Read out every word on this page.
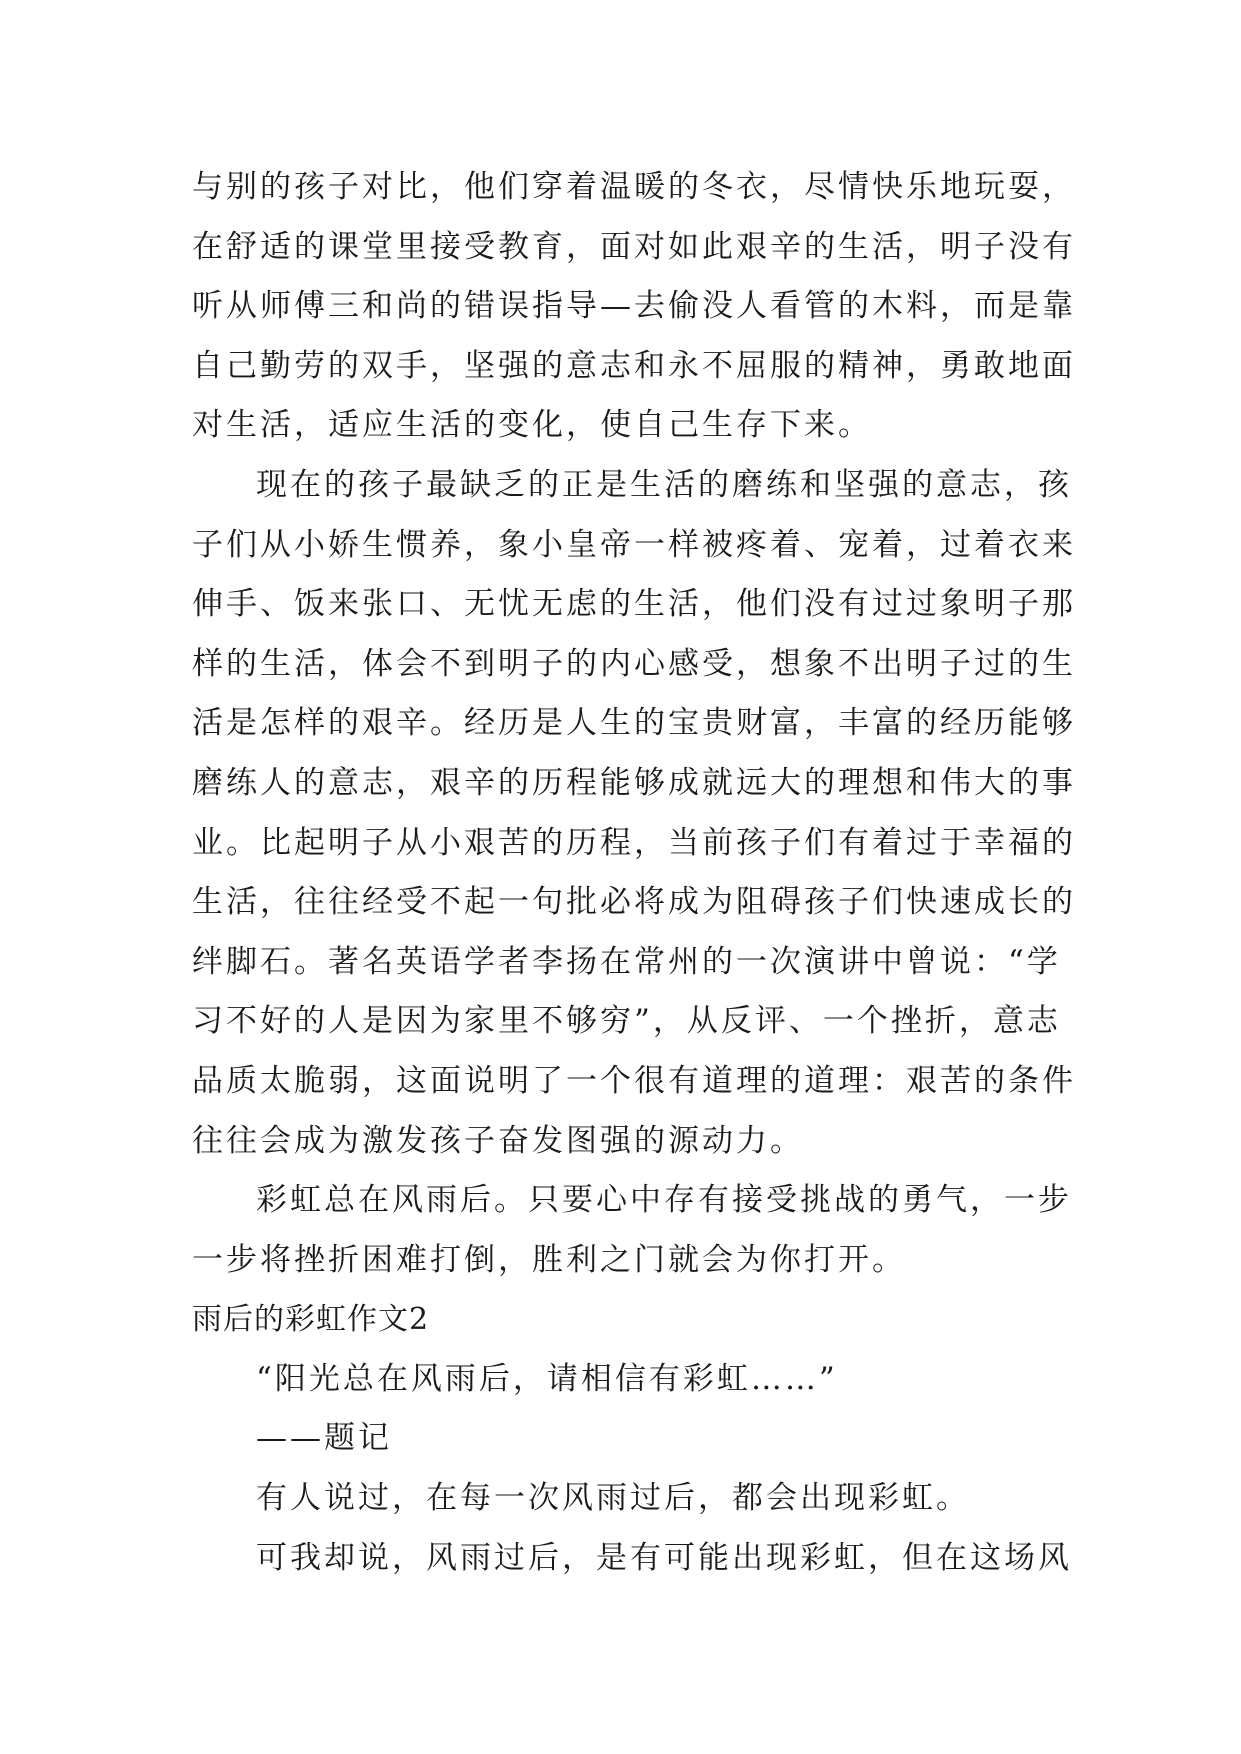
与别的孩子对比，他们穿着温暖的冬衣，尽情快乐地玩耍，
在舒适的课堂里接受教育，面对如此艰辛的生活，明子没有
听从师傅三和尚的错误指导—去偷没人看管的木料，而是靠
自己勤劳的双手，坚强的意志和永不屈服的精神，勇敢地面
对生活，适应生活的变化，使自己生存下来。
现在的孩子最缺乏的正是生活的磨练和坚强的意志，孩
子们从小娇生惯养，象小皇帝一样被疼着、宠着，过着衣来
伸手、饭来张口、无忧无虑的生活，他们没有过过象明子那
样的生活，体会不到明子的内心感受，想象不出明子过的生
活是怎样的艰辛。经历是人生的宝贵财富，丰富的经历能够
磨练人的意志，艰辛的历程能够成就远大的理想和伟大的事
业。比起明子从小艰苦的历程，当前孩子们有着过于幸福的
生活，往往经受不起一句批必将成为阻碍孩子们快速成长的
绊脚石。著名英语学者李扬在常州的一次演讲中曾说：“学
习不好的人是因为家里不够穷”，从反评、一个挫折，意志
品质太脆弱，这面说明了一个很有道理的道理：艰苦的条件
往往会成为激发孩子奋发图强的源动力。
彩虹总在风雨后。只要心中存有接受挑战的勇气，一步
一步将挫折困难打倒，胜利之门就会为你打开。
雨后的彩虹作文2
“阳光总在风雨后，请相信有彩虹……”
——题记
有人说过，在每一次风雨过后，都会出现彩虹。
可我却说，风雨过后，是有可能出现彩虹，但在这场风
